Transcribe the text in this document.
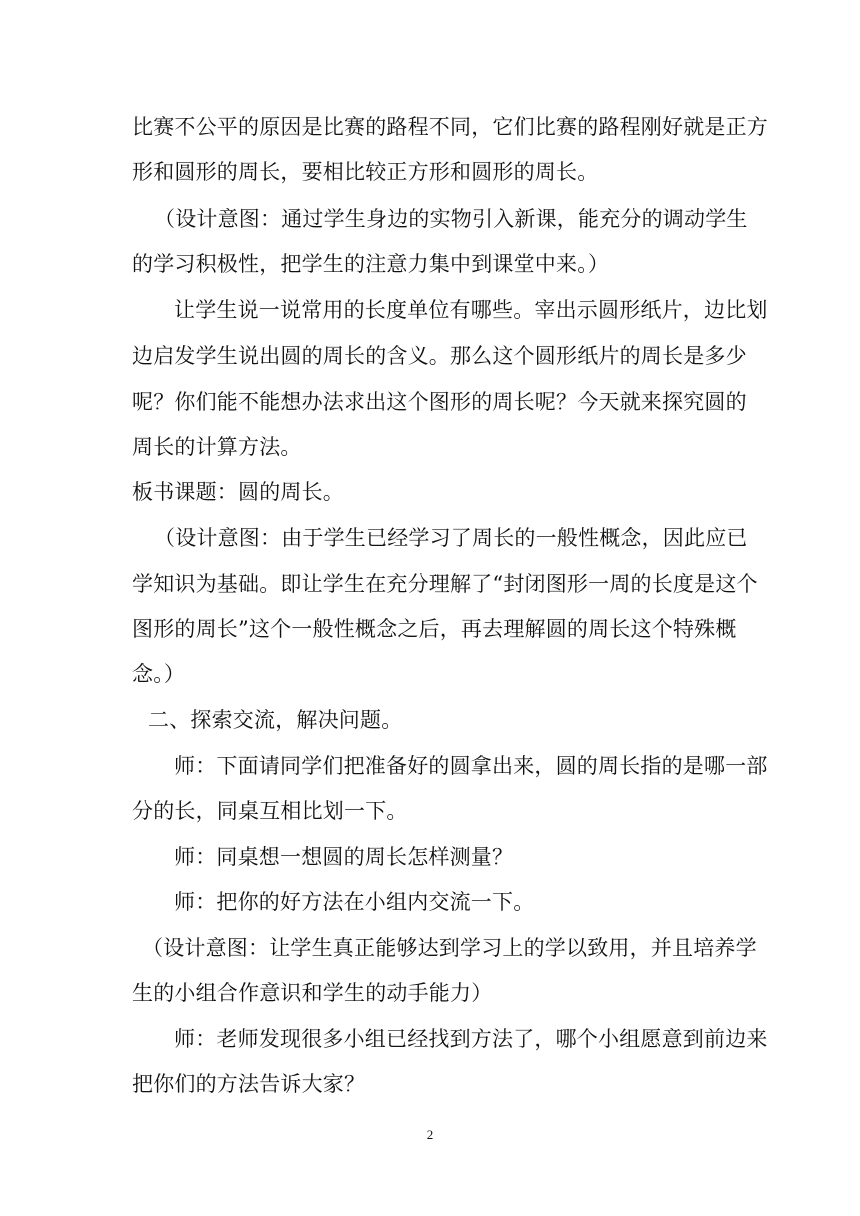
比赛不公平的原因是比赛的路程不同，它们比赛的路程刚好就是正方
形和圆形的周长，要相比较正方形和圆形的周长。
（设计意图：通过学生身边的实物引入新课，能充分的调动学生
的学习积极性，把学生的注意力集中到课堂中来。）
让学生说一说常用的长度单位有哪些。宰出示圆形纸片，边比划
边启发学生说出圆的周长的含义。那么这个圆形纸片的周长是多少
呢？你们能不能想办法求出这个图形的周长呢？今天就来探究圆的
周长的计算方法。
板书课题：圆的周长。
（设计意图：由于学生已经学习了周长的一般性概念，因此应已
学知识为基础。即让学生在充分理解了“封闭图形一周的长度是这个
图形的周长”这个一般性概念之后，再去理解圆的周长这个特殊概
念。）
二、探索交流，解决问题。
师：下面请同学们把准备好的圆拿出来，圆的周长指的是哪一部
分的长，同桌互相比划一下。
师：同桌想一想圆的周长怎样测量？
师：把你的好方法在小组内交流一下。
（设计意图：让学生真正能够达到学习上的学以致用，并且培养学
生的小组合作意识和学生的动手能力）
师：老师发现很多小组已经找到方法了，哪个小组愿意到前边来
把你们的方法告诉大家？
2
